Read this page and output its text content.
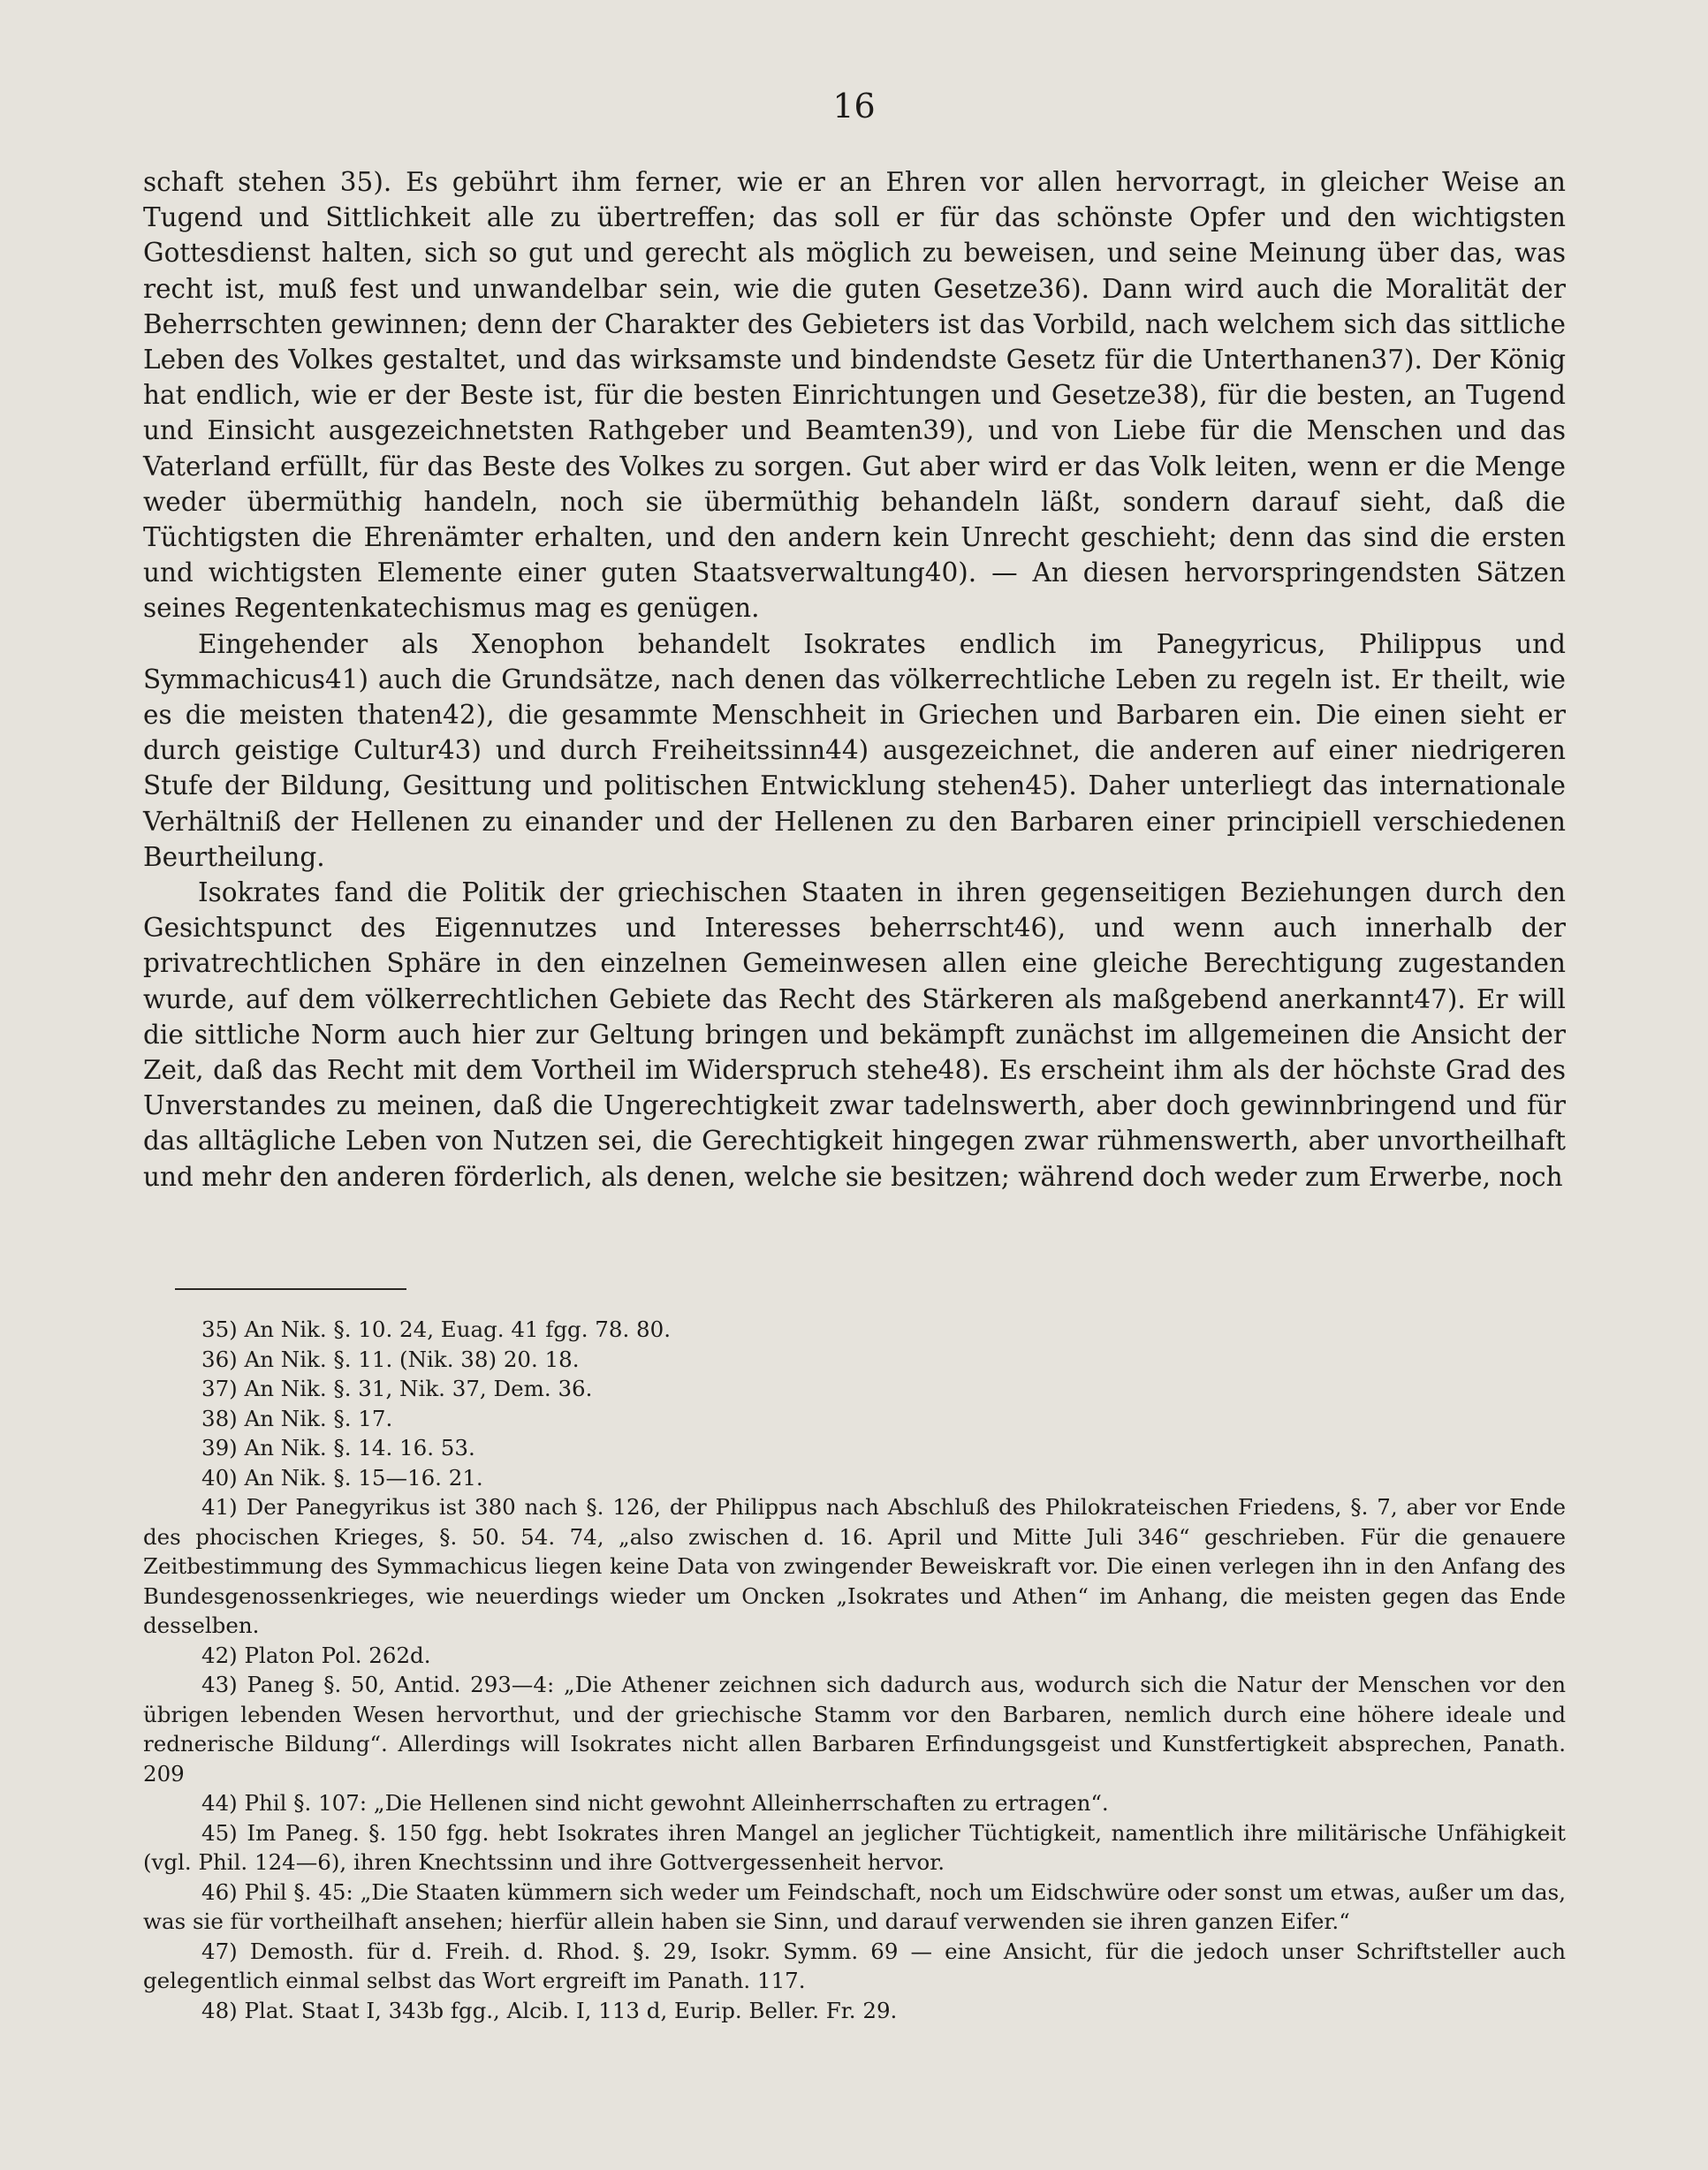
16

schaft stehen 35). Es gebührt ihm ferner, wie er an Ehren vor allen hervorragt, in gleicher Weise an Tugend und Sittlichkeit alle zu übertreffen; das soll er für das schönste Opfer und den wichtigsten Gottesdienst halten, sich so gut und gerecht als möglich zu beweisen, und seine Meinung über das, was recht ist, muß fest und unwandelbar sein, wie die guten Gesetze36). Dann wird auch die Moralität der Beherrschten gewinnen; denn der Charakter des Gebieters ist das Vorbild, nach welchem sich das sittliche Leben des Volkes gestaltet, und das wirksamste und bindendste Gesetz für die Unterthanen37). Der König hat endlich, wie er der Beste ist, für die besten Einrichtungen und Gesetze38), für die besten, an Tugend und Einsicht ausgezeichnetsten Rathgeber und Beamten39), und von Liebe für die Menschen und das Vaterland erfüllt, für das Beste des Volkes zu sorgen. Gut aber wird er das Volk leiten, wenn er die Menge weder übermüthig handeln, noch sie übermüthig behandeln läßt, sondern darauf sieht, daß die Tüchtigsten die Ehrenämter erhalten, und den andern kein Unrecht geschieht; denn das sind die ersten und wichtigsten Elemente einer guten Staatsverwaltung40). — An diesen hervorspringendsten Sätzen seines Regentenkatechismus mag es genügen.

Eingehender als Xenophon behandelt Isokrates endlich im Panegyricus, Philippus und Symmachicus41) auch die Grundsätze, nach denen das völkerrechtliche Leben zu regeln ist. Er theilt, wie es die meisten thaten42), die gesammte Menschheit in Griechen und Barbaren ein. Die einen sieht er durch geistige Cultur43) und durch Freiheitssinn44) ausgezeichnet, die anderen auf einer niedrigeren Stufe der Bildung, Gesittung und politischen Entwicklung stehen45). Daher unterliegt das internationale Verhältniß der Hellenen zu einander und der Hellenen zu den Barbaren einer principiell verschiedenen Beurtheilung.

Isokrates fand die Politik der griechischen Staaten in ihren gegenseitigen Beziehungen durch den Gesichtspunct des Eigennutzes und Interesses beherrscht46), und wenn auch innerhalb der privatrechtlichen Sphäre in den einzelnen Gemeinwesen allen eine gleiche Berechtigung zugestanden wurde, auf dem völkerrechtlichen Gebiete das Recht des Stärkeren als maßgebend anerkannt47). Er will die sittliche Norm auch hier zur Geltung bringen und bekämpft zunächst im allgemeinen die Ansicht der Zeit, daß das Recht mit dem Vortheil im Widerspruch stehe48). Es erscheint ihm als der höchste Grad des Unverstandes zu meinen, daß die Ungerechtigkeit zwar tadelnswerth, aber doch gewinnbringend und für das alltägliche Leben von Nutzen sei, die Gerechtigkeit hingegen zwar rühmenswerth, aber unvortheilhaft und mehr den anderen förderlich, als denen, welche sie besitzen; während doch weder zum Erwerbe, noch

35) An Nik. §. 10. 24, Euag. 41 fgg. 78. 80.

36) An Nik. §. 11. (Nik. 38) 20. 18.

37) An Nik. §. 31, Nik. 37, Dem. 36.

38) An Nik. §. 17.

39) An Nik. §. 14. 16. 53.

40) An Nik. §. 15—16. 21.

41) Der Panegyrikus ist 380 nach §. 126, der Philippus nach Abschluß des Philokrateischen Friedens, §. 7, aber vor Ende des phocischen Krieges, §. 50. 54. 74, „also zwischen d. 16. April und Mitte Juli 346“ geschrieben. Für die genauere Zeitbestimmung des Symmachicus liegen keine Data von zwingender Beweiskraft vor. Die einen verlegen ihn in den Anfang des Bundesgenossenkrieges, wie neuerdings wieder um Oncken „Isokrates und Athen“ im Anhang, die meisten gegen das Ende desselben.

42) Platon Pol. 262d.

43) Paneg §. 50, Antid. 293—4: „Die Athener zeichnen sich dadurch aus, wodurch sich die Natur der Menschen vor den übrigen lebenden Wesen hervorthut, und der griechische Stamm vor den Barbaren, nemlich durch eine höhere ideale und rednerische Bildung“. Allerdings will Isokrates nicht allen Barbaren Erfindungsgeist und Kunstfertigkeit absprechen, Panath. 209

44) Phil §. 107: „Die Hellenen sind nicht gewohnt Alleinherrschaften zu ertragen“.

45) Im Paneg. §. 150 fgg. hebt Isokrates ihren Mangel an jeglicher Tüchtigkeit, namentlich ihre militärische Unfähigkeit (vgl. Phil. 124—6), ihren Knechtssinn und ihre Gottvergessenheit hervor.

46) Phil §. 45: „Die Staaten kümmern sich weder um Feindschaft, noch um Eidschwüre oder sonst um etwas, außer um das, was sie für vortheilhaft ansehen; hierfür allein haben sie Sinn, und darauf verwenden sie ihren ganzen Eifer.“

47) Demosth. für d. Freih. d. Rhod. §. 29, Isokr. Symm. 69 — eine Ansicht, für die jedoch unser Schriftsteller auch gelegentlich einmal selbst das Wort ergreift im Panath. 117.

48) Plat. Staat I, 343b fgg., Alcib. I, 113 d, Eurip. Beller. Fr. 29.
